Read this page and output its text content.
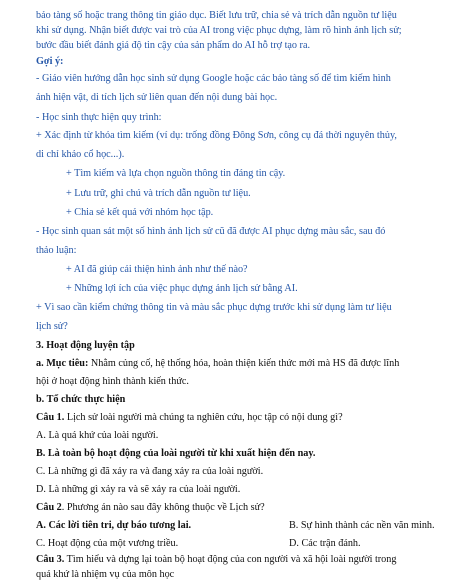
bảo tàng số hoặc trang thông tin giáo dục. Biết lưu trữ, chia sẻ và trích dẫn nguồn tư liệu
khi sử dụng. Nhận biết được vai trò của AI trong việc phục dựng, làm rõ hình ảnh lịch sử;
bước đầu biết đánh giá độ tin cậy của sản phẩm do AI hỗ trợ tạo ra.
Gợi ý:
- Giáo viên hướng dẫn học sinh sử dụng Google hoặc các bảo tàng số để tìm kiếm hình
ảnh hiện vật, di tích lịch sử liên quan đến nội dung bài học.
- Học sinh thực hiện quy trình:
+ Xác định từ khóa tìm kiếm (ví dụ: trống đồng Đông Sơn, công cụ đá thời nguyên thủy,
di chỉ khảo cổ học...).
+ Tìm kiếm và lựa chọn nguồn thông tin đáng tin cậy.
+ Lưu trữ, ghi chú và trích dẫn nguồn tư liệu.
+ Chia sẻ kết quả với nhóm học tập.
- Học sinh quan sát một số hình ảnh lịch sử cũ đã được AI phục dựng màu sắc, sau đó
thảo luận:
+ AI đã giúp cải thiện hình ảnh như thế nào?
+ Những lợi ích của việc phục dựng ảnh lịch sử bằng AI.
+ Vì sao cần kiểm chứng thông tin và màu sắc phục dựng trước khi sử dụng làm tư liệu
lịch sử?
3. Hoạt động luyện tập
a. Mục tiêu: Nhằm củng cố, hệ thống hóa, hoàn thiện kiến thức mới mà HS đã được lĩnh
hội ở hoạt động hình thành kiến thức.
b. Tổ chức thực hiện
Câu 1. Lịch sử loài người mà chúng ta nghiên cứu, học tập có nội dung gì?
A. Là quá khứ của loài người.
B. Là toàn bộ hoạt động của loài người từ khi xuất hiện đến nay.
C. Là những gì đã xảy ra và đang xảy ra của loài người.
D. Là những gì xảy ra và sẽ xảy ra của loài người.
Câu 2. Phương án nào sau đây không thuộc về Lịch sử?
A. Các lời tiên tri, dự báo tương lai.	B. Sự hình thành các nền văn minh.
C. Hoạt động của một vương triều.	D. Các trận đánh.
Câu 3. Tìm hiểu và dựng lại toàn bộ hoạt động của con người và xã hội loài người trong
quá khứ là nhiệm vụ của môn học
